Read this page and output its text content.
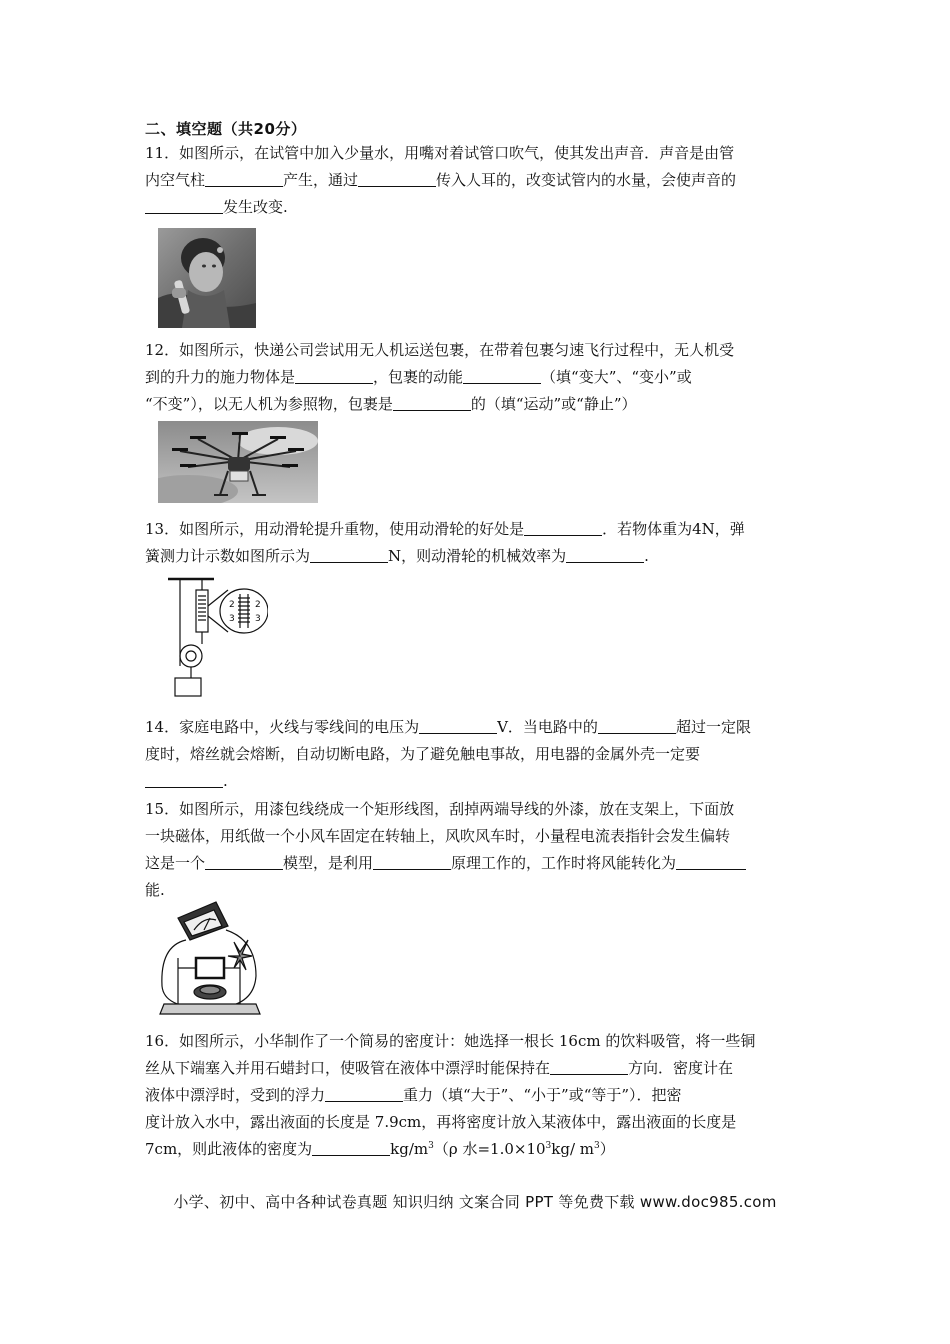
二、填空题（共20分）
11．如图所示，在试管中加入少量水，用嘴对着试管口吹气，使其发出声音．声音是由管
内空气柱	产生，通过	传入人耳的，改变试管内的水量，会使声音的
发生改变.
12．如图所示，快递公司尝试用无人机运送包裹，在带着包裹匀速飞行过程中，无人机受
到的升力的施力物体是	，包裹的动能	（填“变大”、“变小”或
“不变”），以无人机为参照物，包裹是	的（填“运动”或“静止”）
13．如图所示，用动滑轮提升重物，使用动滑轮的好处是	．若物体重为4N，弹
簧测力计示数如图所示为	N，则动滑轮的机械效率为	.
2
3
2
3
14．家庭电路中，火线与零线间的电压为	V．当电路中的	超过一定限
度时，熔丝就会熔断，自动切断电路，为了避免触电事故，用电器的金属外壳一定要
.
15．如图所示，用漆包线绕成一个矩形线图，刮掉两端导线的外漆，放在支架上，下面放
一块磁体，用纸做一个小风车固定在转轴上，风吹风车时，小量程电流表指针会发生偏转
这是一个	模型，是利用	原理工作的，工作时将风能转化为
能.
16．如图所示，小华制作了一个简易的密度计：她选择一根长 16cm 的饮料吸管，将一些铜
丝从下端塞入并用石蜡封口，使吸管在液体中漂浮时能保持在	方向．密度计在
液体中漂浮时，受到的浮力	重力（填“大于”、“小于”或“等于”）．把密
度计放入水中，露出液面的长度是 7.9cm，再将密度计放入某液体中，露出液面的长度是
7cm，则此液体的密度为	$kg/m^3(\rho$ 水$=1.0\times 10^3kg/$ $m^3$）
小学、初中、高中各种试卷真题 知识归纳 文案合同 PPT 等免费下载 www.doc985.com
